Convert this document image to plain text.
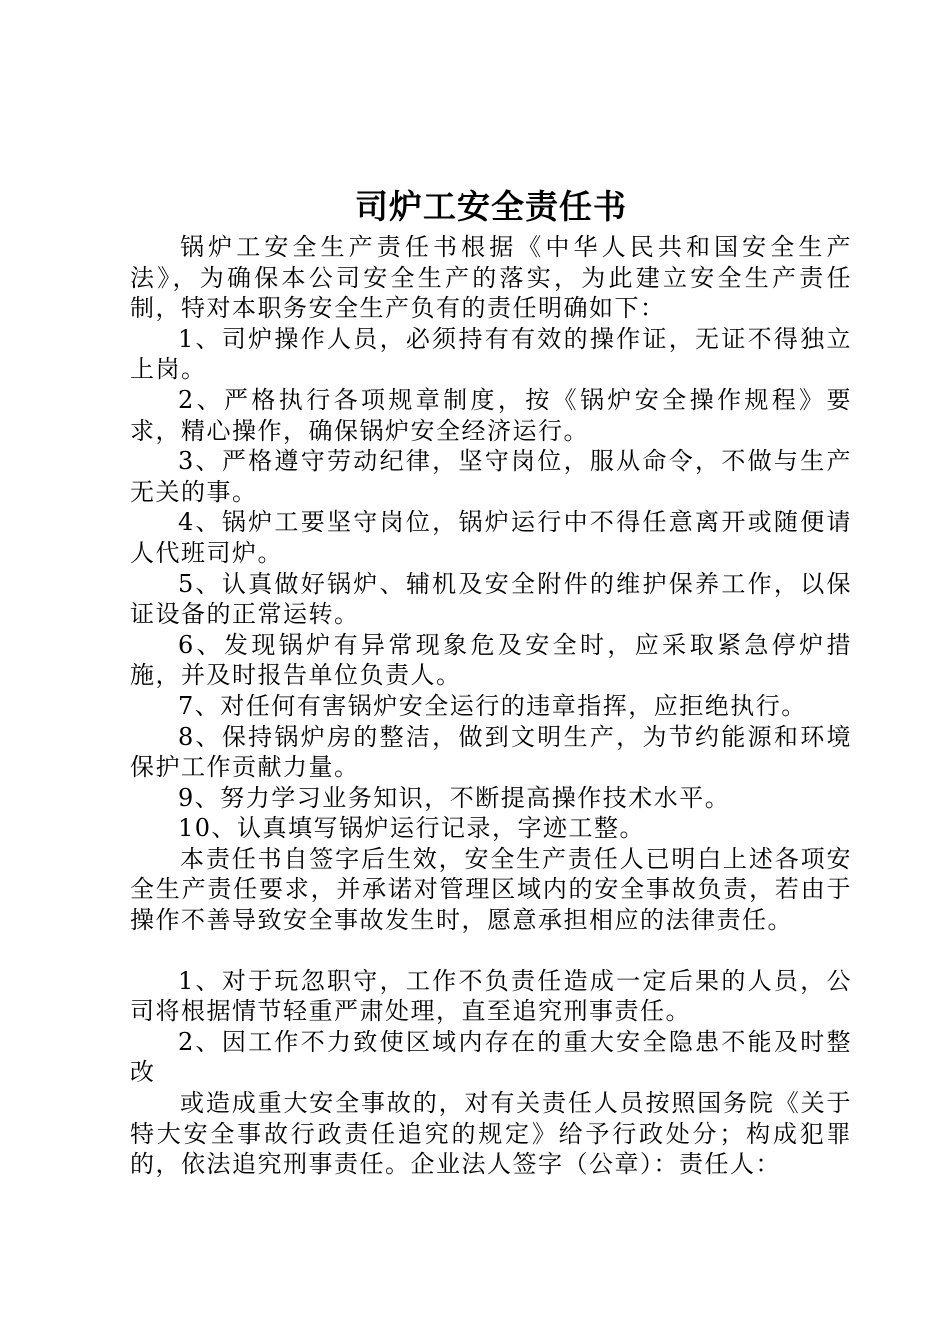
司炉工安全责任书

锅炉工安全生产责任书根据《中华人民共和国安全生产法》，为确保本公司安全生产的落实，为此建立安全生产责任制，特对本职务安全生产负有的责任明确如下：

1、司炉操作人员，必须持有有效的操作证，无证不得独立上岗。

2、严格执行各项规章制度，按《锅炉安全操作规程》要求，精心操作，确保锅炉安全经济运行。

3、严格遵守劳动纪律，坚守岗位，服从命令，不做与生产无关的事。

4、锅炉工要坚守岗位，锅炉运行中不得任意离开或随便请人代班司炉。

5、认真做好锅炉、辅机及安全附件的维护保养工作，以保证设备的正常运转。

6、发现锅炉有异常现象危及安全时，应采取紧急停炉措施，并及时报告单位负责人。

7、对任何有害锅炉安全运行的违章指挥，应拒绝执行。

8、保持锅炉房的整洁，做到文明生产，为节约能源和环境保护工作贡献力量。

9、努力学习业务知识，不断提高操作技术水平。

10、认真填写锅炉运行记录，字迹工整。

本责任书自签字后生效，安全生产责任人已明白上述各项安全生产责任要求，并承诺对管理区域内的安全事故负责，若由于操作不善导致安全事故发生时，愿意承担相应的法律责任。

1、对于玩忽职守，工作不负责任造成一定后果的人员，公司将根据情节轻重严肃处理，直至追究刑事责任。

2、因工作不力致使区域内存在的重大安全隐患不能及时整改

或造成重大安全事故的，对有关责任人员按照国务院《关于特大安全事故行政责任追究的规定》给予行政处分；构成犯罪的，依法追究刑事责任。企业法人签字（公章）：责任人：
